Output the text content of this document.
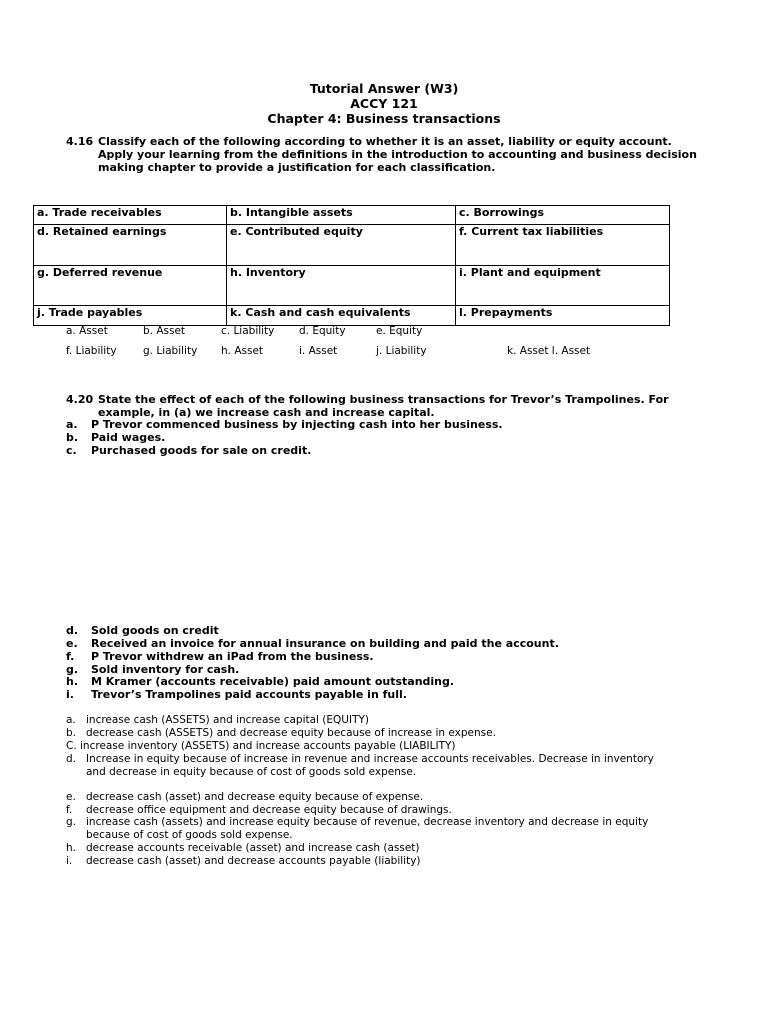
Tutorial Answer (W3)
ACCY 121
Chapter 4: Business transactions
4.16 Classify each of the following according to whether it is an asset, liability or equity account.
Apply your learning from the definitions in the introduction to accounting and business decision
making chapter to provide a justification for each classification.
a. Trade receivables	b. Intangible assets	c. Borrowings
d. Retained earnings	e. Contributed equity	f. Current tax liabilities
g. Deferred revenue	h. Inventory	i. Plant and equipment
j. Trade payables	k. Cash and cash equivalents	l. Prepayments
a. Asset	b. Asset	c. Liability d. Equity	e. Equity
f. Liability	g. Liability h. Asset	i. Asset	j. Liability	k. Asset l. Asset
4.20 State the effect of each of the following business transactions for Trevor’s Trampolines. For
example, in (a) we increase cash and increase capital.
a. P Trevor commenced business by injecting cash into her business.
b. Paid wages.
c. Purchased goods for sale on credit.
d. Sold goods on credit
e. Received an invoice for annual insurance on building and paid the account.
f. P Trevor withdrew an iPad from the business.
g. Sold inventory for cash.
h. M Kramer (accounts receivable) paid amount outstanding.
i. Trevor’s Trampolines paid accounts payable in full.
a. increase cash (ASSETS) and increase capital (EQUITY)
b. decrease cash (ASSETS) and decrease equity because of increase in expense.
C. increase inventory (ASSETS) and increase accounts payable (LIABILITY)
d. Increase in equity because of increase in revenue and increase accounts receivables. Decrease in inventory
and decrease in equity because of cost of goods sold expense.
e. decrease cash (asset) and decrease equity because of expense.
f. decrease office equipment and decrease equity because of drawings.
g. increase cash (assets) and increase equity because of revenue, decrease inventory and decrease in equity
because of cost of goods sold expense.
h. decrease accounts receivable (asset) and increase cash (asset)
i. decrease cash (asset) and decrease accounts payable (liability)
